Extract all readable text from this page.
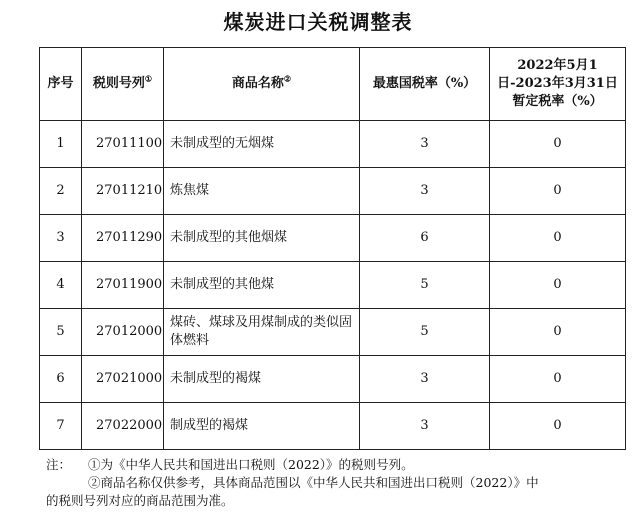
煤炭进口关税调整表
序号	税则号列①	商品名称②	最惠国税率（%）	2022年5月1日-2023年3月31日暂定税率（%）
1	27011100	未制成型的无烟煤	3	0
2	27011210	炼焦煤	3	0
3	27011290	未制成型的其他烟煤	6	0
4	27011900	未制成型的其他煤	5	0
5	27012000	煤砖、煤球及用煤制成的类似固体燃料	5	0
6	27021000	未制成型的褐煤	3	0
7	27022000	制成型的褐煤	3	0
注： ①为《中华人民共和国进出口税则（2022）》的税则号列。
②商品名称仅供参考，具体商品范围以《中华人民共和国进出口税则（2022）》中
的税则号列对应的商品范围为准。
